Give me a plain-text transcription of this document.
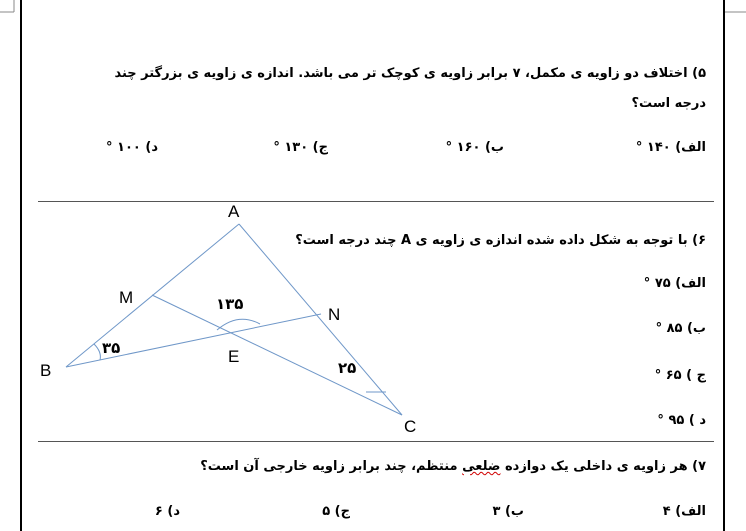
۵) اختلاف دو زاویه ی مکمل، ۷ برابر زاویه ی کوچک تر می باشد. اندازه ی زاویه ی بزرگتر چند
درجه است؟
الف) ۱۴۰ °
ب) ۱۶۰ °
ج) ۱۳۰ °
د) ۱۰۰ °
۶) با توجه به شکل داده شده اندازه ی زاویه ی A چند درجه است؟
الف) ۷۵ °
ب) ۸۵ °
ج ) ۶۵ °
د ) ۹۵ °
A
M
N
E
B
C
۳۵
۱۳۵
۲۵
۷) هر زاویه ی داخلی یک دوازده ضلعی منتظم، چند برابر زاویه خارجی آن است؟
الف) ۴
ب) ۳
ج) ۵
د) ۶
